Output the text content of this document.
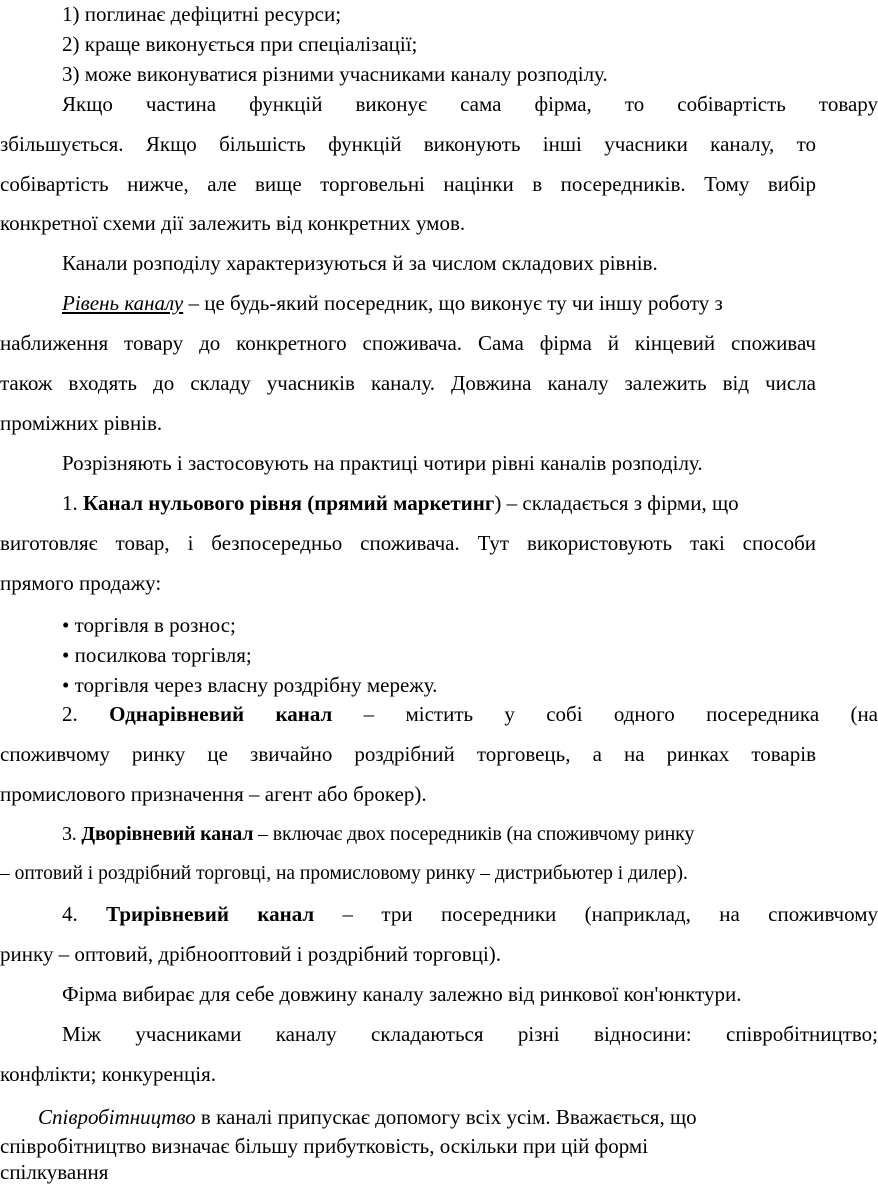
1) поглинає дефіцитні ресурси;

2) краще виконується при спеціалізації;

3) може виконуватися різними учасниками каналу розподілу.

Якщо частина функцій виконує сама фірма, то собівартість товару

збільшується. Якщо більшість функцій виконують інші учасники каналу, то

собівартість нижче, але вище торговельні націнки в посередників. Тому вибір

конкретної схеми дії залежить від конкретних умов.

Канали розподілу характеризуються й за числом складових рівнів.

Рівень каналу – це будь-який посередник, що виконує ту чи іншу роботу з

наближення товару до конкретного споживача. Сама фірма й кінцевий споживач

також входять до складу учасників каналу. Довжина каналу залежить від числа

проміжних рівнів.

Розрізняють і застосовують на практиці чотири рівні каналів розподілу.

1. Канал нульового рівня (прямий маркетинг) – складається з фірми, що

виготовляє товар, і безпосередньо споживача. Тут використовують такі способи

прямого продажу:

• торгівля в рознос;

• посилкова торгівля;

• торгівля через власну роздрібну мережу.

2. Однарівневий канал – містить у собі одного посередника (на

споживчому ринку це звичайно роздрібний торговець, а на ринках товарів

промислового призначення – агент або брокер).

3. Дворівневий канал – включає двох посередників (на споживчому ринку

– оптовий і роздрібний торговці, на промисловому ринку – дистрибьютер і дилер).

4. Трирівневий канал – три посередники (наприклад, на споживчому

ринку – оптовий, дрібнооптовий і роздрібний торговці).

Фірма вибирає для себе довжину каналу залежно від ринкової кон'юнктури.

Між учасниками каналу складаються різні відносини: співробітництво;

конфлікти; конкуренція.

Співробітництво в каналі припускає допомогу всіх усім. Вважається, що

співробітництво визначає більшу прибутковість, оскільки при цій формі

спілкування
